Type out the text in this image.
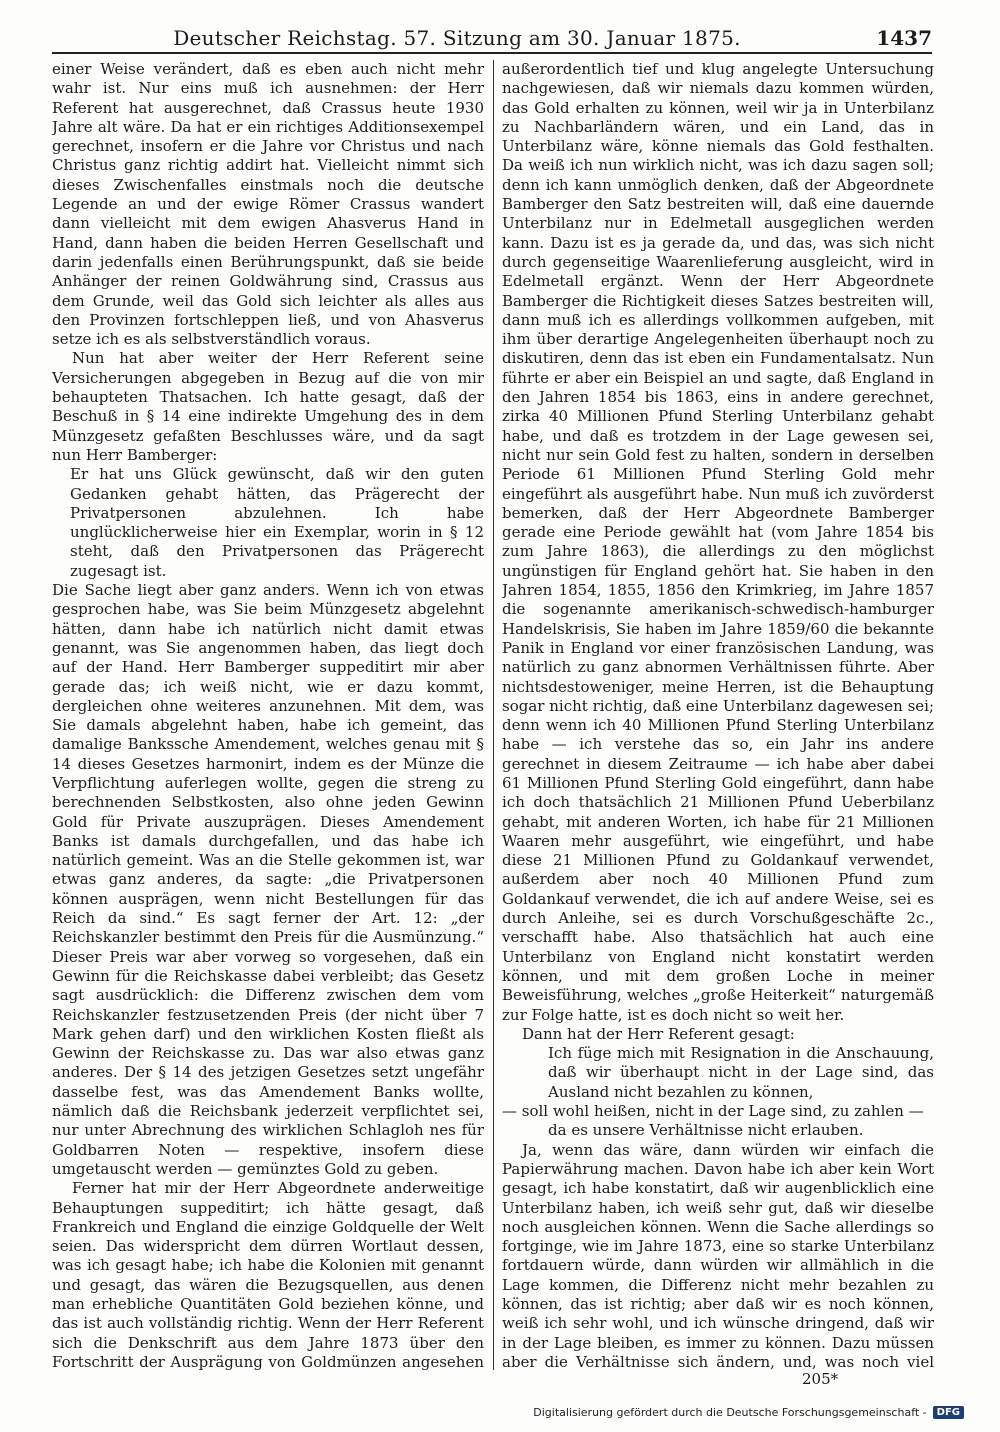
Deutscher Reichstag. 57. Sitzung am 30. Januar 1875.	1437

einer Weise verändert, daß es eben auch nicht mehr wahr ist. Nur eins muß ich ausnehmen: der Herr Referent hat ausgerechnet, daß Crassus heute 1930 Jahre alt wäre. Da hat er ein richtiges Additionsexempel gerechnet, insofern er die Jahre vor Christus und nach Christus ganz richtig addirt hat. Vielleicht nimmt sich dieses Zwischenfalles einstmals noch die deutsche Legende an und der ewige Römer Crassus wandert dann vielleicht mit dem ewigen Ahasverus Hand in Hand, dann haben die beiden Herren Gesellschaft und darin jedenfalls einen Berührungspunkt, daß sie beide Anhänger der reinen Goldwährung sind, Crassus aus dem Grunde, weil das Gold sich leichter als alles aus den Provinzen fortschleppen ließ, und von Ahasverus setze ich es als selbstverständlich voraus.

Nun hat aber weiter der Herr Referent seine Versicherungen abgegeben in Bezug auf die von mir behaupteten Thatsachen. Ich hatte gesagt, daß der Beschuß in § 14 eine indirekte Umgehung des in dem Münzgesetz gefaßten Beschlusses wäre, und da sagt nun Herr Bamberger:

Er hat uns Glück gewünscht, daß wir den guten Gedanken gehabt hätten, das Prägerecht der Privatpersonen abzulehnen. Ich habe unglücklicherweise hier ein Exemplar, worin in § 12 steht, daß den Privatpersonen das Prägerecht zugesagt ist.

Die Sache liegt aber ganz anders. Wenn ich von etwas gesprochen habe, was Sie beim Münzgesetz abgelehnt hätten, dann habe ich natürlich nicht damit etwas genannt, was Sie angenommen haben, das liegt doch auf der Hand. Herr Bamberger suppeditirt mir aber gerade das; ich weiß nicht, wie er dazu kommt, dergleichen ohne weiteres anzunehnen. Mit dem, was Sie damals abgelehnt haben, habe ich gemeint, das damalige Bankssche Amendement, welches genau mit § 14 dieses Gesetzes harmonirt, indem es der Münze die Verpflichtung auferlegen wollte, gegen die streng zu berechnenden Selbstkosten, also ohne jeden Gewinn Gold für Private auszuprägen. Dieses Amendement Banks ist damals durchgefallen, und das habe ich natürlich gemeint. Was an die Stelle gekommen ist, war etwas ganz anderes, da sagte: „die Privatpersonen können ausprägen, wenn nicht Bestellungen für das Reich da sind.“ Es sagt ferner der Art. 12: „der Reichskanzler bestimmt den Preis für die Ausmünzung.“ Dieser Preis war aber vorweg so vorgesehen, daß ein Gewinn für die Reichskasse dabei verbleibt; das Gesetz sagt ausdrücklich: die Differenz zwischen dem vom Reichskanzler festzusetzenden Preis (der nicht über 7 Mark gehen darf) und den wirklichen Kosten fließt als Gewinn der Reichskasse zu. Das war also etwas ganz anderes. Der § 14 des jetzigen Gesetzes setzt ungefähr dasselbe fest, was das Amendement Banks wollte, nämlich daß die Reichsbank jederzeit verpflichtet sei, nur unter Abrechnung des wirklichen Schlagloh nes für Goldbarren Noten — respektive, insofern diese umgetauscht werden — gemünztes Gold zu geben.

Ferner hat mir der Herr Abgeordnete anderweitige Behauptungen suppeditirt; ich hätte gesagt, daß Frankreich und England die einzige Goldquelle der Welt seien. Das widerspricht dem dürren Wortlaut dessen, was ich gesagt habe; ich habe die Kolonien mit genannt und gesagt, das wären die Bezugsquellen, aus denen man erhebliche Quantitäten Gold beziehen könne, und das ist auch vollständig richtig. Wenn der Herr Referent sich die Denkschrift aus dem Jahre 1873 über den Fortschritt der Ausprägung von Goldmünzen angesehen

außerordentlich tief und klug angelegte Untersuchung nachgewiesen, daß wir niemals dazu kommen würden, das Gold erhalten zu können, weil wir ja in Unterbilanz zu Nachbarländern wären, und ein Land, das in Unterbilanz wäre, könne niemals das Gold festhalten. Da weiß ich nun wirklich nicht, was ich dazu sagen soll; denn ich kann unmöglich denken, daß der Abgeordnete Bamberger den Satz bestreiten will, daß eine dauernde Unterbilanz nur in Edelmetall ausgeglichen werden kann. Dazu ist es ja gerade da, und das, was sich nicht durch gegenseitige Waarenlieferung ausgleicht, wird in Edelmetall ergänzt. Wenn der Herr Abgeordnete Bamberger die Richtigkeit dieses Satzes bestreiten will, dann muß ich es allerdings vollkommen aufgeben, mit ihm über derartige Angelegenheiten überhaupt noch zu diskutiren, denn das ist eben ein Fundamentalsatz. Nun führte er aber ein Beispiel an und sagte, daß England in den Jahren 1854 bis 1863, eins in andere gerechnet, zirka 40 Millionen Pfund Sterling Unterbilanz gehabt habe, und daß es trotzdem in der Lage gewesen sei, nicht nur sein Gold fest zu halten, sondern in derselben Periode 61 Millionen Pfund Sterling Gold mehr eingeführt als ausgeführt habe. Nun muß ich zuvörderst bemerken, daß der Herr Abgeordnete Bamberger gerade eine Periode gewählt hat (vom Jahre 1854 bis zum Jahre 1863), die allerdings zu den möglichst ungünstigen für England gehört hat. Sie haben in den Jahren 1854, 1855, 1856 den Krimkrieg, im Jahre 1857 die sogenannte amerikanisch-schwedisch-hamburger Handelskrisis, Sie haben im Jahre 1859/60 die bekannte Panik in England vor einer französischen Landung, was natürlich zu ganz abnormen Verhältnissen führte. Aber nichtsdestoweniger, meine Herren, ist die Behauptung sogar nicht richtig, daß eine Unterbilanz dagewesen sei; denn wenn ich 40 Millionen Pfund Sterling Unterbilanz habe — ich verstehe das so, ein Jahr ins andere gerechnet in diesem Zeitraume — ich habe aber dabei 61 Millionen Pfund Sterling Gold eingeführt, dann habe ich doch thatsächlich 21 Millionen Pfund Ueberbilanz gehabt, mit anderen Worten, ich habe für 21 Millionen Waaren mehr ausgeführt, wie eingeführt, und habe diese 21 Millionen Pfund zu Goldankauf verwendet, außerdem aber noch 40 Millionen Pfund zum Goldankauf verwendet, die ich auf andere Weise, sei es durch Anleihe, sei es durch Vorschußgeschäfte 2c., verschafft habe. Also thatsächlich hat auch eine Unterbilanz von England nicht konstatirt werden können, und mit dem großen Loche in meiner Beweisführung, welches „große Heiterkeit“ naturgemäß zur Folge hatte, ist es doch nicht so weit her.

Dann hat der Herr Referent gesagt:

Ich füge mich mit Resignation in die Anschauung, daß wir überhaupt nicht in der Lage sind, das Ausland nicht bezahlen zu können,

— soll wohl heißen, nicht in der Lage sind, zu zahlen —

da es unsere Verhältnisse nicht erlauben.

Ja, wenn das wäre, dann würden wir einfach die Papierwährung machen. Davon habe ich aber kein Wort gesagt, ich habe konstatirt, daß wir augenblicklich eine Unterbilanz haben, ich weiß sehr gut, daß wir dieselbe noch ausgleichen können. Wenn die Sache allerdings so fortginge, wie im Jahre 1873, eine so starke Unterbilanz fortdauern würde, dann würden wir allmählich in die Lage kommen, die Differenz nicht mehr bezahlen zu können, das ist richtig; aber daß wir es noch können, weiß ich sehr wohl, und ich wünsche dringend, daß wir in der Lage bleiben, es immer zu können. Dazu müssen aber die Verhältnisse sich ändern, und, was noch viel

205*
Digitalisierung gefördert durch die Deutsche Forschungsgemeinschaft -	DFG
